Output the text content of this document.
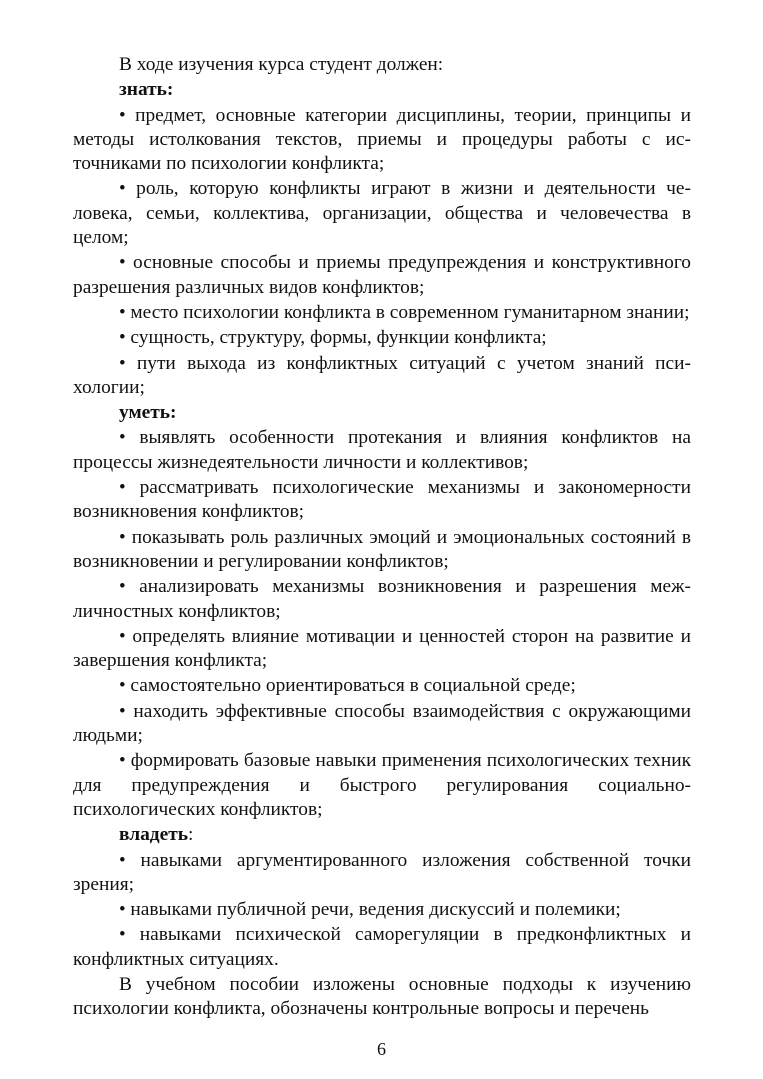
В ходе изучения курса студент должен:

знать:

• предмет, основные категории дисциплины, теории, принципы и методы истолкования текстов, приемы и процедуры работы с источниками по психологии конфликта;

• роль, которую конфликты играют в жизни и деятельности человека, семьи, коллектива, организации, общества и человечества в целом;

• основные способы и приемы предупреждения и конструктивного разрешения различных видов конфликтов;

• место психологии конфликта в современном гуманитарном знании;

• сущность, структуру, формы, функции конфликта;

• пути выхода из конфликтных ситуаций с учетом знаний психологии;

уметь:

• выявлять особенности протекания и влияния конфликтов на процессы жизнедеятельности личности и коллективов;

• рассматривать психологические механизмы и закономерности возникновения конфликтов;

• показывать роль различных эмоций и эмоциональных состояний в возникновении и регулировании конфликтов;

• анализировать механизмы возникновения и разрешения межличностных конфликтов;

• определять влияние мотивации и ценностей сторон на развитие и завершения конфликта;

• самостоятельно ориентироваться в социальной среде;

• находить эффективные способы взаимодействия с окружающими людьми;

• формировать базовые навыки применения психологических техник для предупреждения и быстрого регулирования социально-психологических конфликтов;

владеть:

• навыками аргументированного изложения собственной точки зрения;

• навыками публичной речи, ведения дискуссий и полемики;

• навыками психической саморегуляции в предконфликтных и конфликтных ситуациях.

В учебном пособии изложены основные подходы к изучению психологии конфликта, обозначены контрольные вопросы и перечень

6
